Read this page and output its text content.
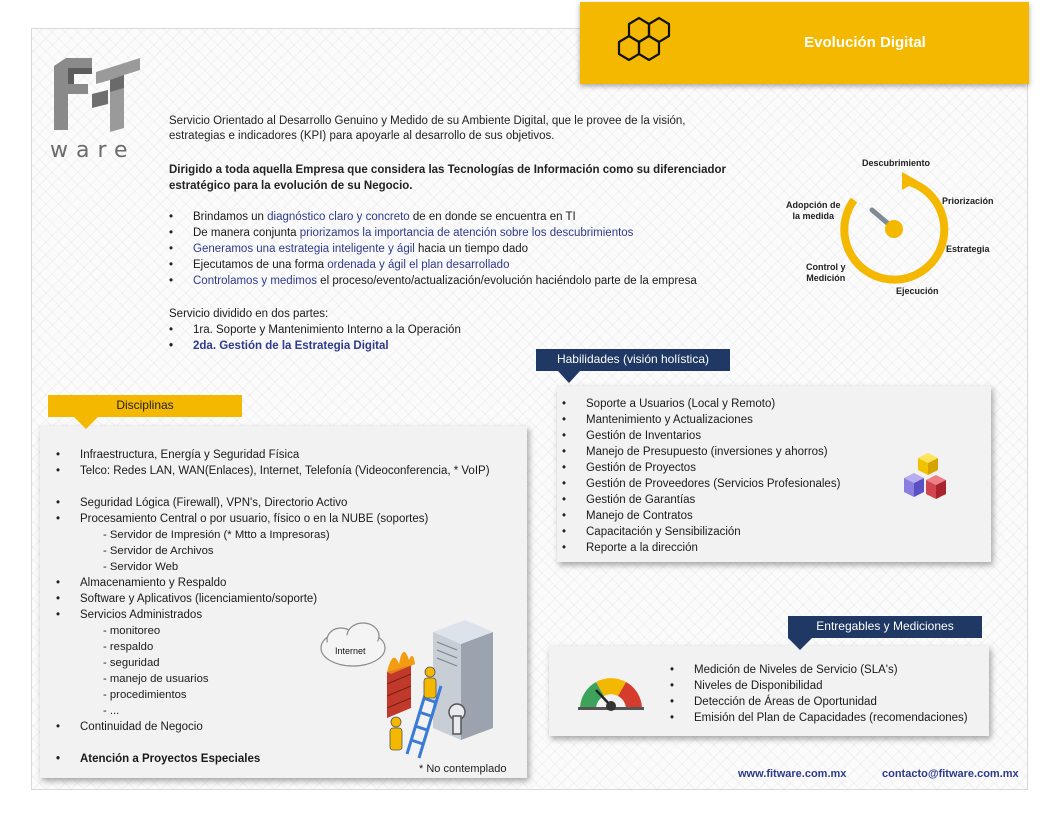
Evolución Digital
ware
Servicio Orientado al Desarrollo Genuino y Medido de su Ambiente Digital, que le provee de la visión, estrategias e indicadores (KPI) para apoyarle al desarrollo de sus objetivos.
Dirigido a toda aquella Empresa que considera las Tecnologías de Información como su diferenciador estratégico para la evolución de su Negocio.
• Brindamos un diagnóstico claro y concreto de en donde se encuentra en TI
• De manera conjunta priorizamos la importancia de atención sobre los descubrimientos
• Generamos una estrategia inteligente y ágil hacia un tiempo dado
• Ejecutamos de una forma ordenada y ágil el plan desarrollado
• Controlamos y medimos el proceso/evento/actualización/evolución haciéndolo parte de la empresa
Servicio dividido en dos partes:
• 1ra. Soporte y Mantenimiento Interno a la Operación
• 2da. Gestión de la Estrategia Digital
Descubrimiento
Priorización
Estrategia
Ejecución
Control y
Medición
Adopción de
la medida
Disciplinas
• Infraestructura, Energía y Seguridad Física
• Telco: Redes LAN, WAN(Enlaces), Internet, Telefonía (Videoconferencia, * VoIP)
• Seguridad Lógica (Firewall), VPN's, Directorio Activo
• Procesamiento Central o por usuario, físico o en la NUBE (soportes)
- Servidor de Impresión (* Mtto a Impresoras)
- Servidor de Archivos
- Servidor Web
• Almacenamiento y Respaldo
• Software y Aplicativos (licenciamiento/soporte)
• Servicios Administrados
- monitoreo
- respaldo
- seguridad
- manejo de usuarios
- procedimientos
- ...
• Continuidad de Negocio
• Atención a Proyectos Especiales
Internet
* No contemplado
Habilidades (visión holística)
• Soporte a Usuarios (Local y Remoto)
• Mantenimiento y Actualizaciones
• Gestión de Inventarios
• Manejo de Presupuesto (inversiones y ahorros)
• Gestión de Proyectos
• Gestión de Proveedores (Servicios Profesionales)
• Gestión de Garantías
• Manejo de Contratos
• Capacitación y Sensibilización
• Reporte a la dirección
Entregables y Mediciones
• Medición de Niveles de Servicio (SLA's)
• Niveles de Disponibilidad
• Detección de Áreas de Oportunidad
• Emisión del Plan de Capacidades (recomendaciones)
www.fitware.com.mx	contacto@fitware.com.mx
